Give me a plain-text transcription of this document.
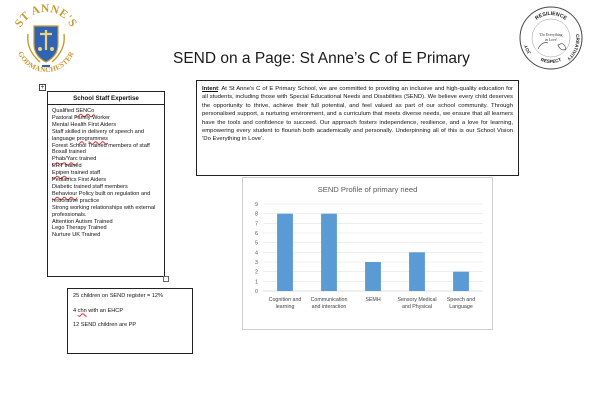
ST ANNE'S
GODMANCHESTER	SEND on a Page: St Anne’s C of E Primary
RESILIENCE
CREATIVITY
RESPECT
JOY
'Do Everything
in Love'
+
School Staff Expertise
Qualified SENCo
Pastoral Family Worker
Mental Health First Aiders
Staff skilled in delivery of speech and language programmes
Forest School Trained members of staff
Boxall trained
Phab/Yarc trained
ERT trained
Epipen trained staff
Pediatrics First Aiders
Diabetic trained staff members
Behaviour Policy built on regulation and restorative practice
Strong working relationships with external professionals.
Attention Autism Trained
Lego Therapy Trained
Nurture UK Trained
25 children on SEND register = 12%
4 chn with an EHCP
12 SEND children are PP
Intent: At St Anne’s C of E Primary School, we are committed to providing an inclusive and high-quality education for all students, including those with Special Educational Needs and Disabilities (SEND). We believe every child deserves the opportunity to thrive, achieve their full potential, and feel valued as part of our school community. Through personalised support, a nurturing environment, and a curriculum that meets diverse needs, we ensure that all learners have the tools and confidence to succeed. Our approach fosters independence, resilience, and a love for learning, empowering every student to flourish both academically and personally. Underpinning all of this is our School Vision ‘Do Everything in Love’.
SEND Profile of primary need
0
1
2
3
4
5
6
7
8
9
Cognition and
learning
Communication
and interaction
SEMH	Sensory Medical
and Physical
Speech and
Language
